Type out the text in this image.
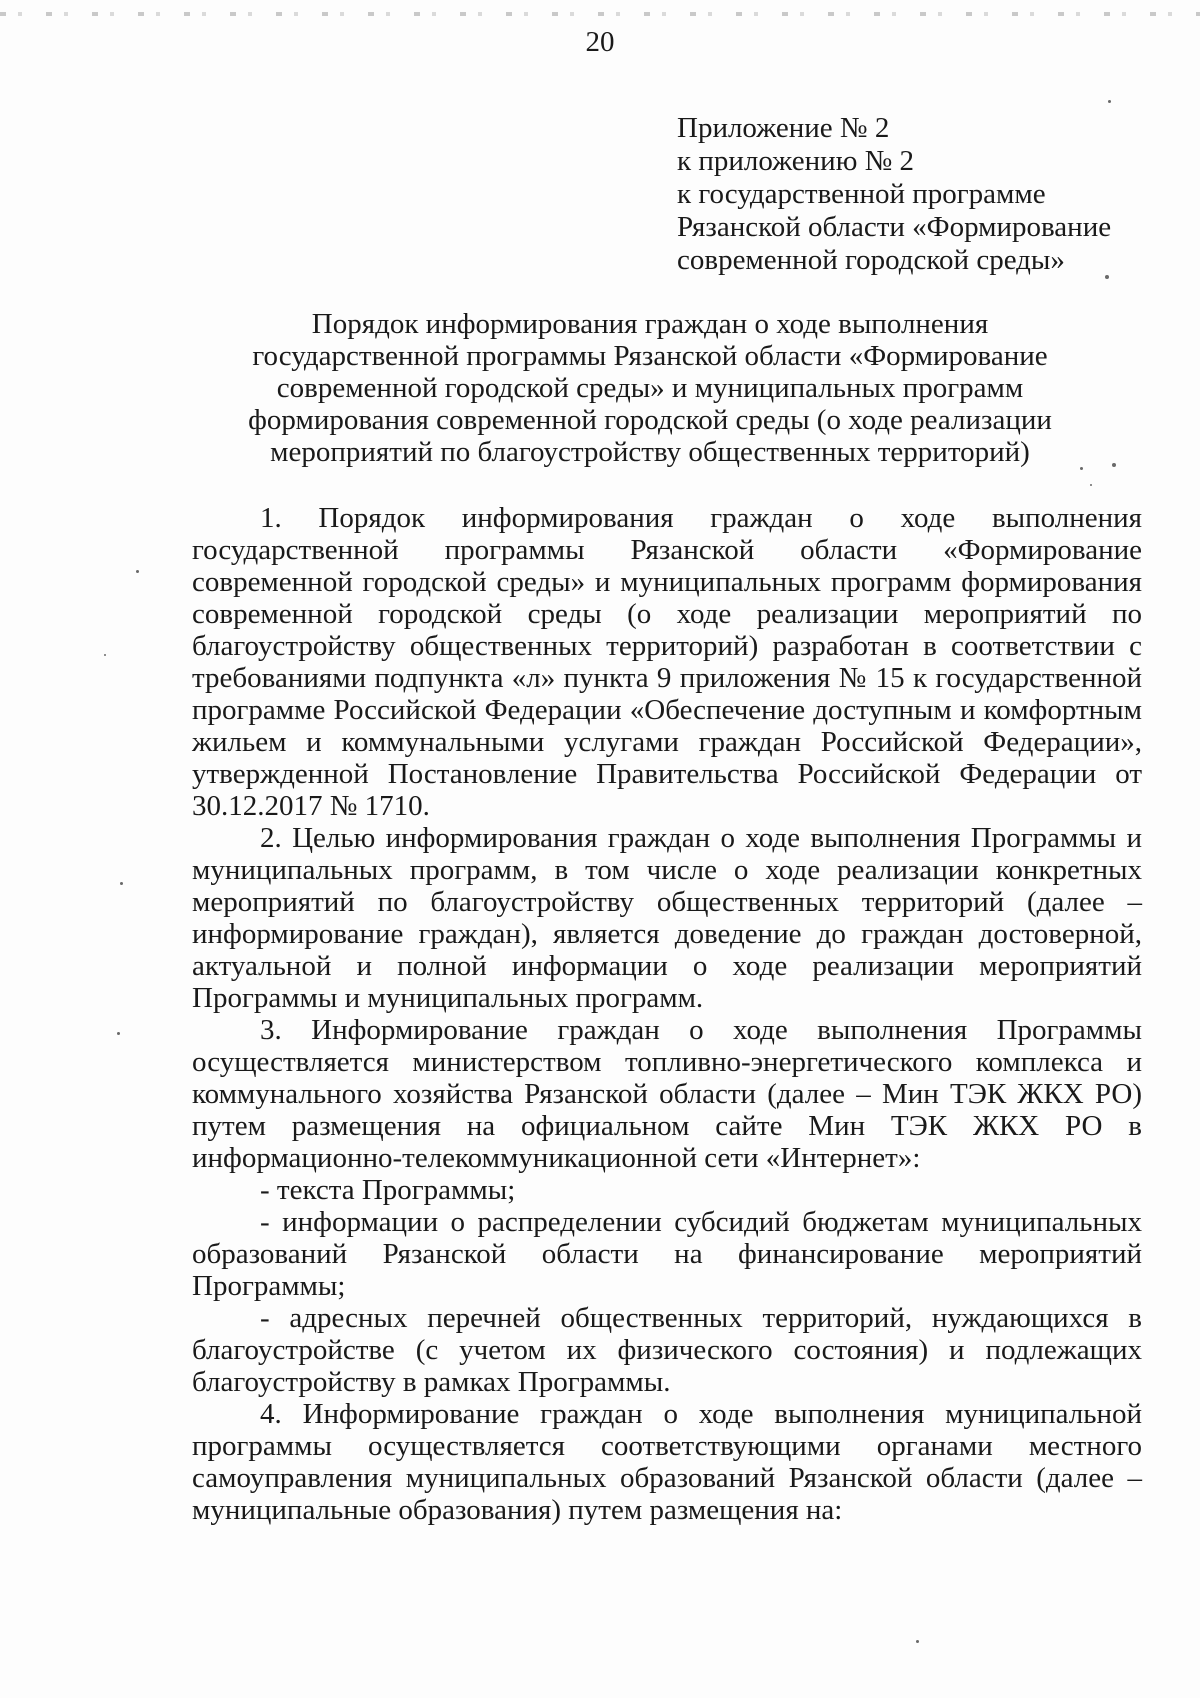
20
Приложение № 2
к приложению № 2
к государственной программе
Рязанской области «Формирование
современной городской среды»
Порядок информирования граждан о ходе выполнения
государственной программы Рязанской области «Формирование
современной городской среды» и муниципальных программ
формирования современной городской среды (о ходе реализации
мероприятий по благоустройству общественных территорий)

1. Порядок информирования граждан о ходе выполнения государственной программы Рязанской области «Формирование современной городской среды» и муниципальных программ формирования современной городской среды (о ходе реализации мероприятий по благоустройству общественных территорий) разработан в соответствии с требованиями подпункта «л» пункта 9 приложения № 15 к государственной программе Российской Федерации «Обеспечение доступным и комфортным жильем и коммунальными услугами граждан Российской Федерации», утвержденной Постановление Правительства Российской Федерации от 30.12.2017 № 1710.

2. Целью информирования граждан о ходе выполнения Программы и муниципальных программ, в том числе о ходе реализации конкретных мероприятий по благоустройству общественных территорий (далее – информирование граждан), является доведение до граждан достоверной, актуальной и полной информации о ходе реализации мероприятий Программы и муниципальных программ.

3. Информирование граждан о ходе выполнения Программы осуществляется министерством топливно-энергетического комплекса и коммунального хозяйства Рязанской области (далее – Мин ТЭК ЖКХ РО) путем размещения на официальном сайте Мин ТЭК ЖКХ РО в информационно-телекоммуникационной сети «Интернет»:

- текста Программы;

- информации о распределении субсидий бюджетам муниципальных образований Рязанской области на финансирование мероприятий Программы;

- адресных перечней общественных территорий, нуждающихся в благоустройстве (с учетом их физического состояния) и подлежащих благоустройству в рамках Программы.

4. Информирование граждан о ходе выполнения муниципальной программы осуществляется соответствующими органами местного самоуправления муниципальных образований Рязанской области (далее – муниципальные образования) путем размещения на:
